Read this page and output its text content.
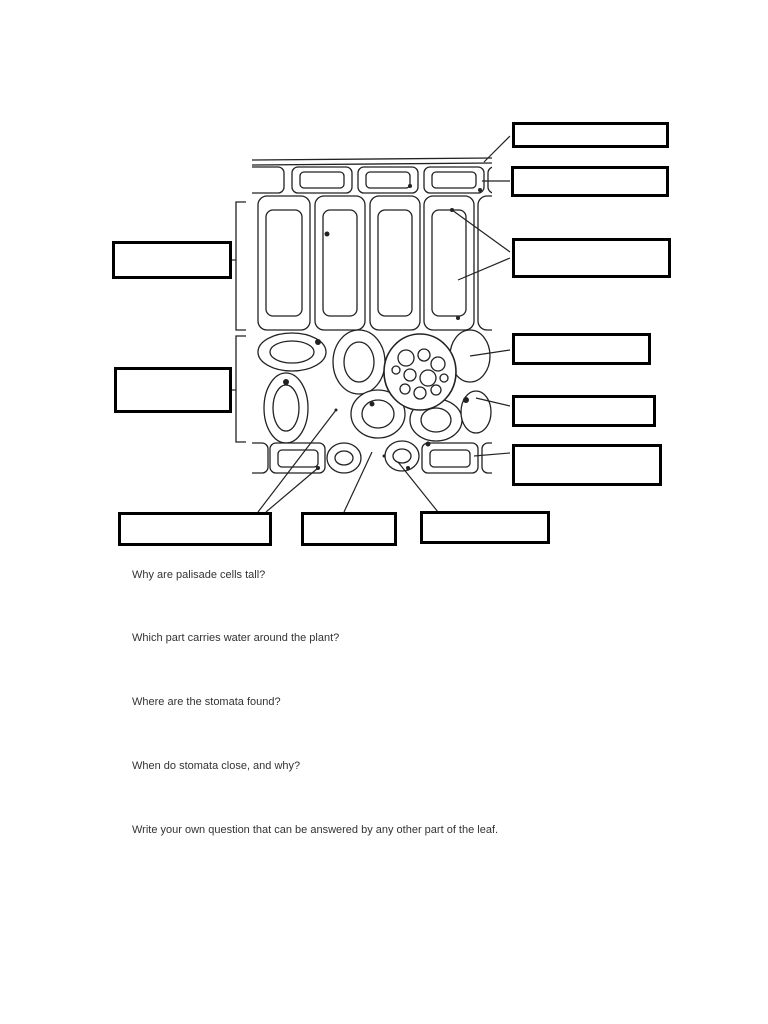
Why are palisade cells tall?

Which part carries water around the plant?

Where are the stomata found?

When do stomata close, and why?

Write your own question that can be answered by any other part of the leaf.
